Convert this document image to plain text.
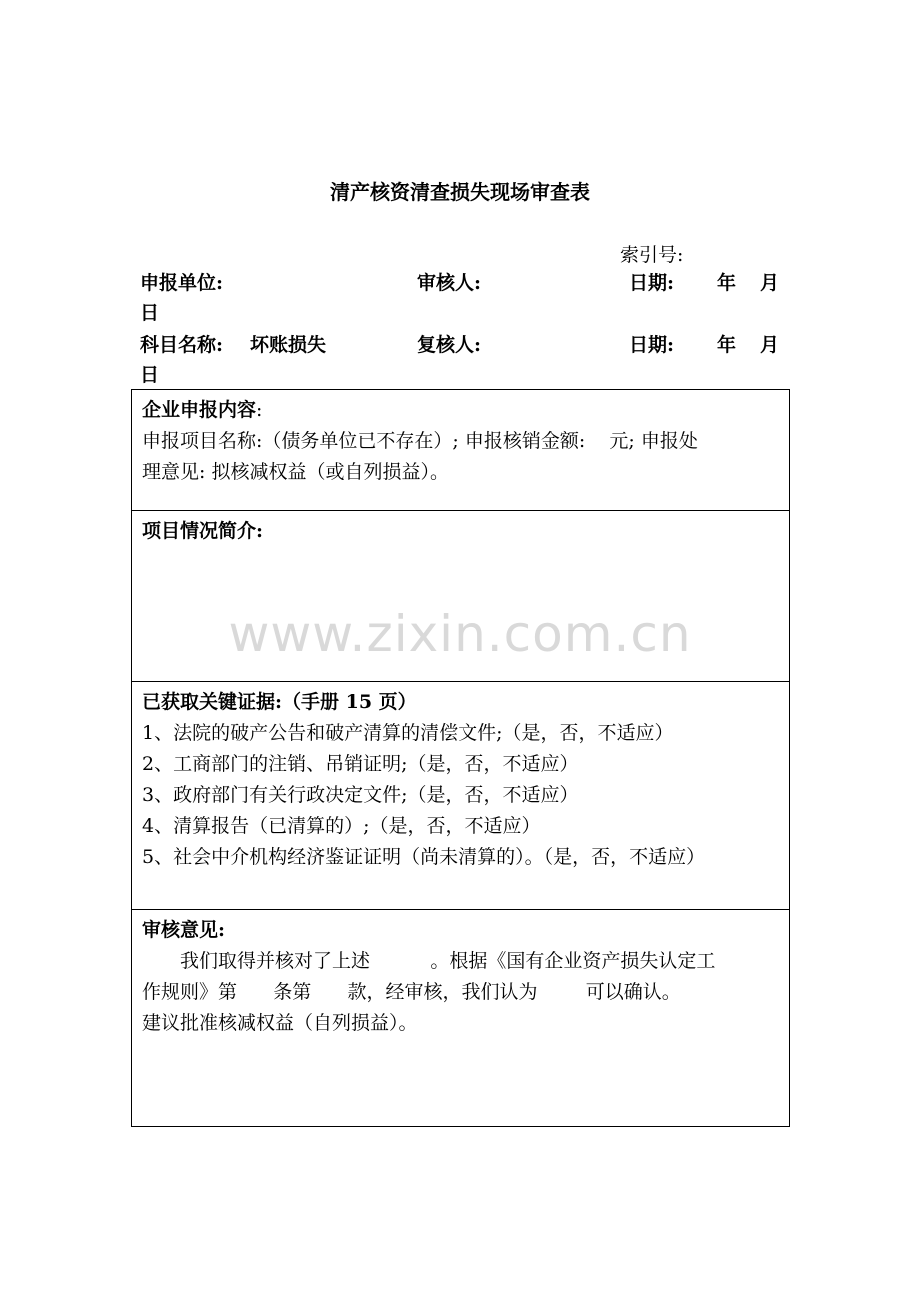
清产核资清查损失现场审查表
索引号:
申报单位:	审核人:	日期: 年 月
日
科目名称: 坏账损失	复核人:	日期: 年 月
日
企业申报内容:
申报项目名称:（债务单位已不存在）; 申报核销金额:    元; 申报处
理意见: 拟核减权益（或自列损益）。

项目情况简介:

已获取关键证据:（手册 15 页）
1、法院的破产公告和破产清算的清偿文件;（是，否，不适应）
2、工商部门的注销、吊销证明;（是，否，不适应）
3、政府部门有关行政决定文件;（是，否，不适应）
4、清算报告（已清算的）;（是，否，不适应）
5、社会中介机构经济鉴证证明（尚未清算的）。（是，否，不适应）

审核意见:
我们取得并核对了上述          。根据《国有企业资产损失认定工
作规则》第      条第      款，经审核，我们认为        可以确认。
建议批准核减权益（自列损益）。
www.zixin.com.cn
